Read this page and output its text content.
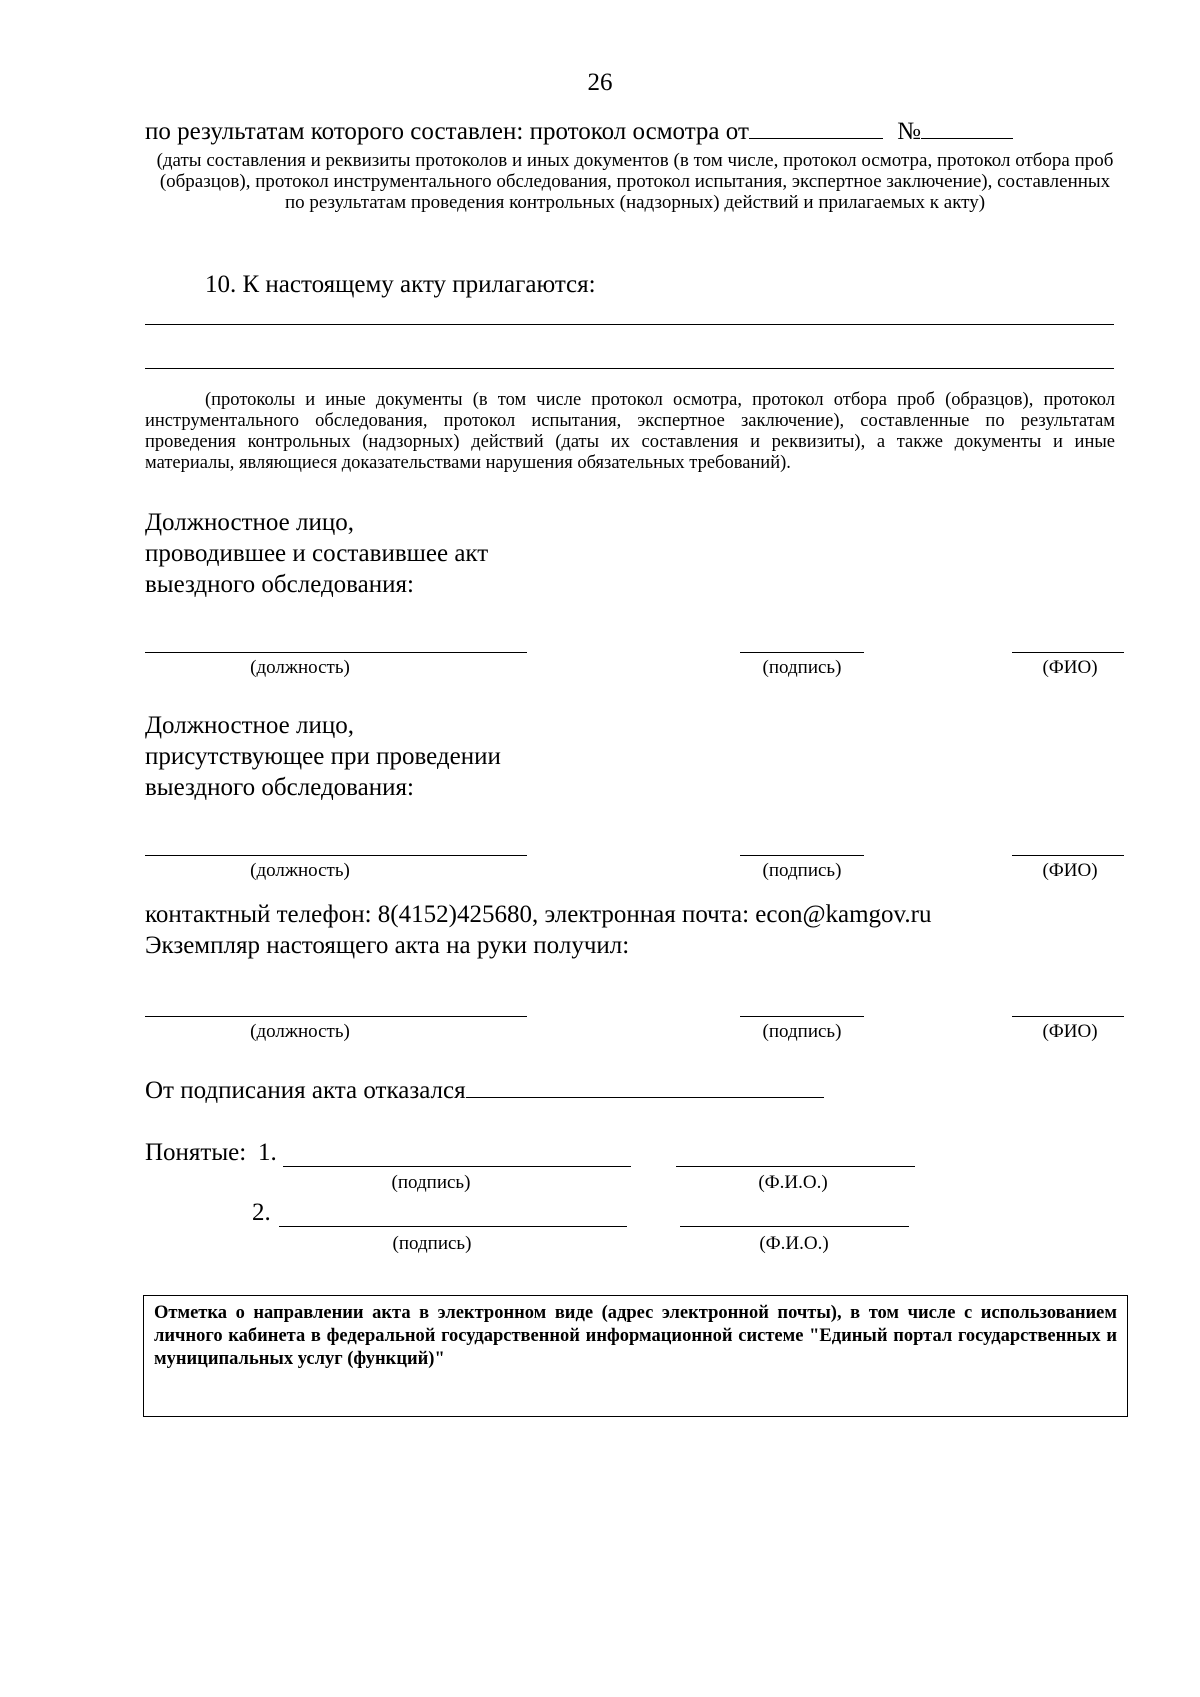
26
по результатам которого составлен: протокол осмотра от	№
(даты составления и реквизиты протоколов и иных документов (в том числе, протокол осмотра, протокол отбора проб (образцов), протокол инструментального обследования, протокол испытания, экспертное заключение), составленных по результатам проведения контрольных (надзорных) действий и прилагаемых к акту)
10. К настоящему акту прилагаются:
(протоколы и иные документы (в том числе протокол осмотра, протокол отбора проб (образцов), протокол инструментального обследования, протокол испытания, экспертное заключение), составленные по результатам проведения контрольных (надзорных) действий (даты их составления и реквизиты), а также документы и иные материалы, являющиеся доказательствами нарушения обязательных требований).
Должностное лицо,
проводившее и составившее акт
выездного обследования:
(должность)	(подпись)	(ФИО)
Должностное лицо,
присутствующее при проведении
выездного обследования:
(должность)	(подпись)	(ФИО)
контактный телефон: 8(4152)425680, электронная почта: econ@kamgov.ru
Экземпляр настоящего акта на руки получил:
(должность)	(подпись)	(ФИО)
От подписания акта отказался
Понятые: 1.
(подпись)	(Ф.И.О.)
2.
(подпись)	(Ф.И.О.)
Отметка о направлении акта в электронном виде (адрес электронной почты), в том числе с использованием личного кабинета в федеральной государственной информационной системе "Единый портал государственных и муниципальных услуг (функций)"
